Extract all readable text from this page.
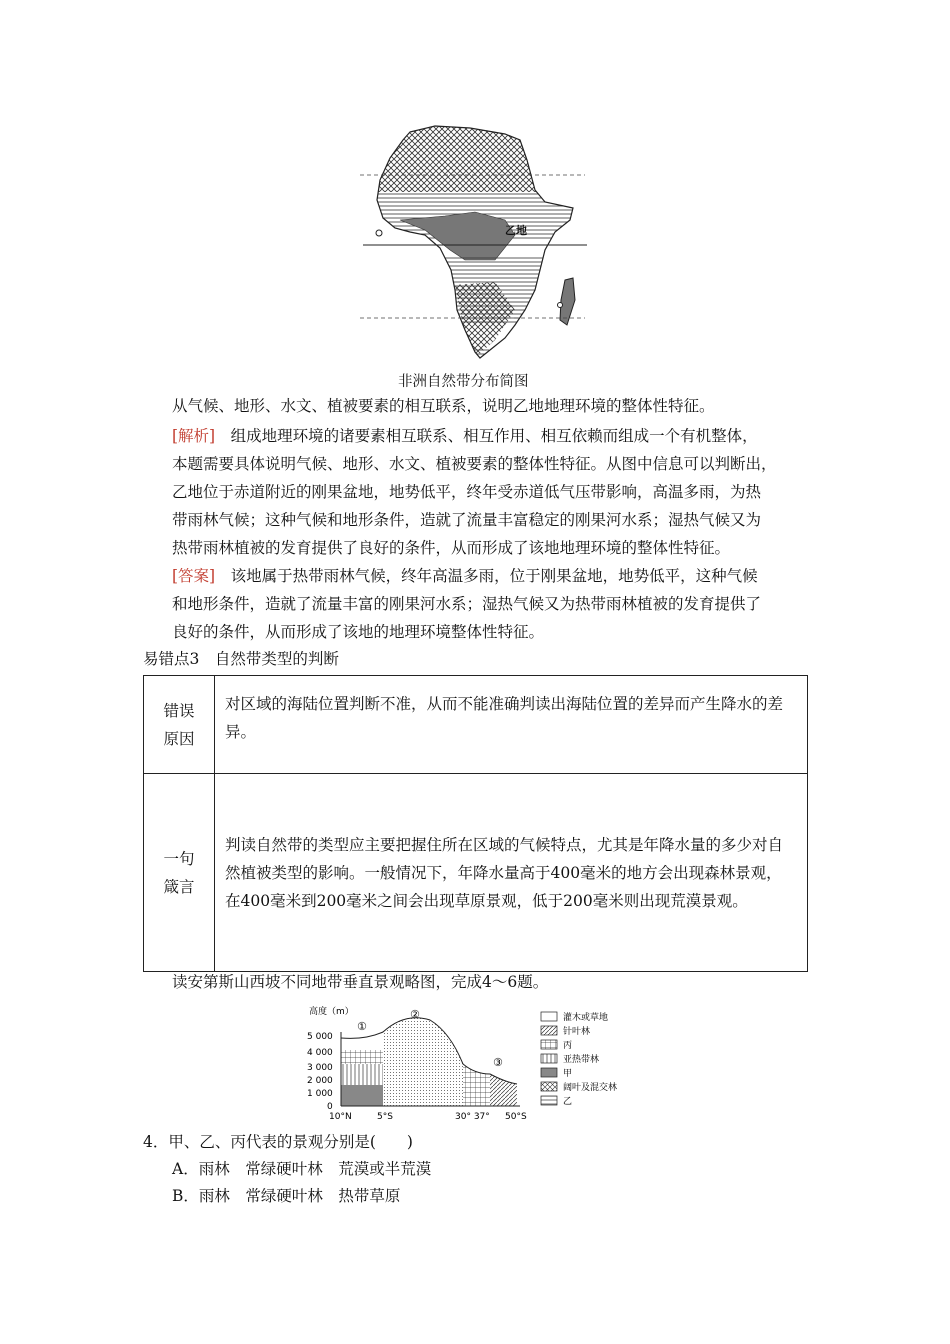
乙地
非洲自然带分布简图
从气候、地形、水文、植被要素的相互联系，说明乙地地理环境的整体性特征。
[解析]　 组成地理环境的诸要素相互联系、相互作用、相互依赖而组成一个有机整体，
本题需要具体说明气候、地形、水文、植被要素的整体性特征。从图中信息可以判断出，
乙地位于赤道附近的刚果盆地，地势低平，终年受赤道低气压带影响，高温多雨，为热
带雨林气候；这种气候和地形条件，造就了流量丰富稳定的刚果河水系；湿热气候又为
热带雨林植被的发育提供了良好的条件，从而形成了该地地理环境的整体性特征。
[答案]　 该地属于热带雨林气候，终年高温多雨，位于刚果盆地，地势低平，这种气候
和地形条件，造就了流量丰富的刚果河水系；湿热气候又为热带雨林植被的发育提供了
良好的条件，从而形成了该地的地理环境整体性特征。
易错点3　自然带类型的判断
错误
原因	对区域的海陆位置判断不准，从而不能准确判读出海陆位置的差异而产生降水的差异。

一句
箴言	判读自然带的类型应主要把握住所在区域的气候特点，尤其是年降水量的多少对自然植被类型的影响。一般情况下，年降水量高于400毫米的地方会出现森林景观，在400毫米到200毫米之间会出现草原景观，低于200毫米则出现荒漠景观。
读安第斯山西坡不同地带垂直景观略图，完成4～6题。
高度（m）
5 000
4 000
3 000
2 000
1 000
0
①
②
③
10°N	5°S	30° 37° 50°S
灌木或草地
针叶林
丙
亚热带林
甲
阔叶及混交林
乙
4．甲、乙、丙代表的景观分别是(　　)
A．雨林　常绿硬叶林　荒漠或半荒漠
B．雨林　常绿硬叶林　热带草原
